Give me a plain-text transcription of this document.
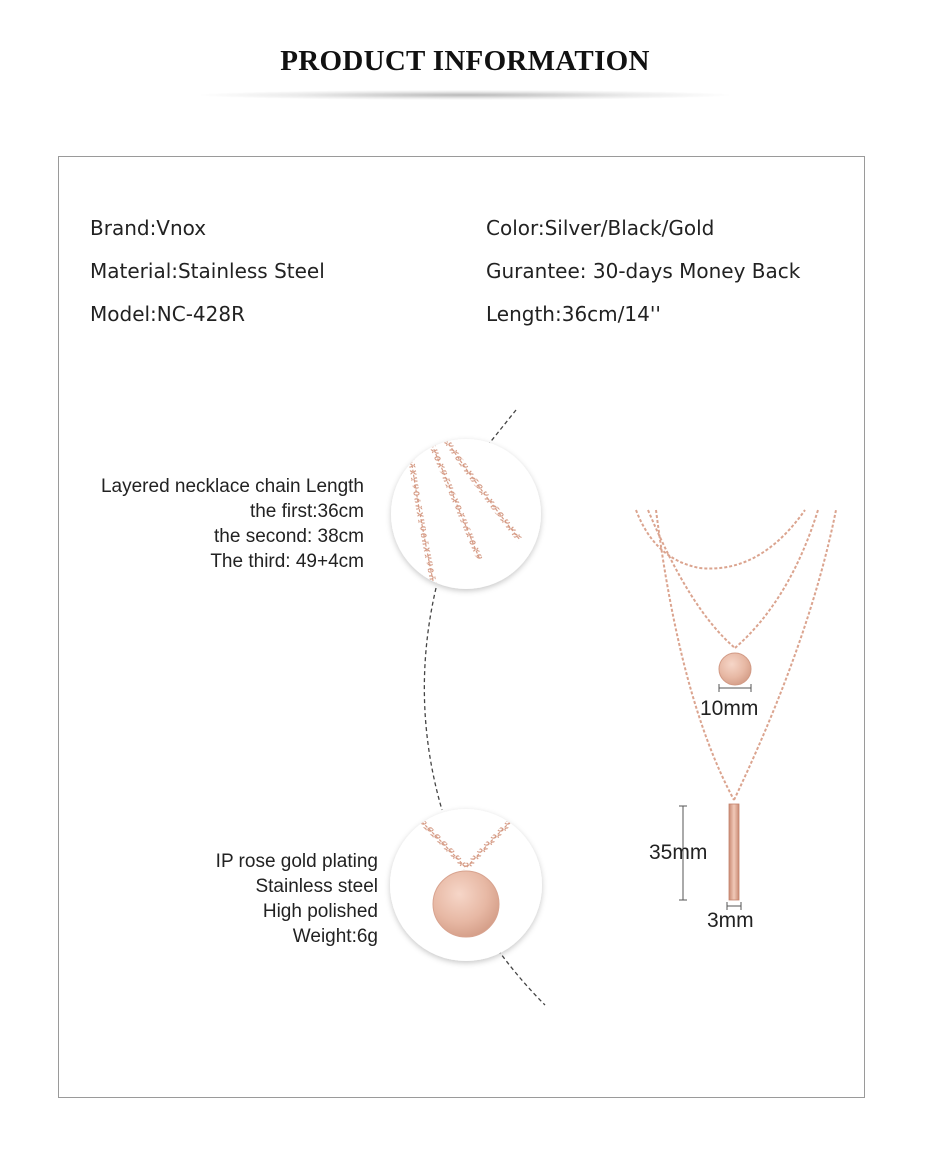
PRODUCT INFORMATION
Brand:Vnox
Material:Stainless Steel
Model:NC-428R
Color:Silver/Black/Gold
Gurantee: 30-days Money Back
Length:36cm/14''
Layered necklace chain Length
the first:36cm
the second: 38cm
The third: 49+4cm
IP rose gold plating
Stainless steel
High polished
Weight:6g
10mm
35mm
3mm
